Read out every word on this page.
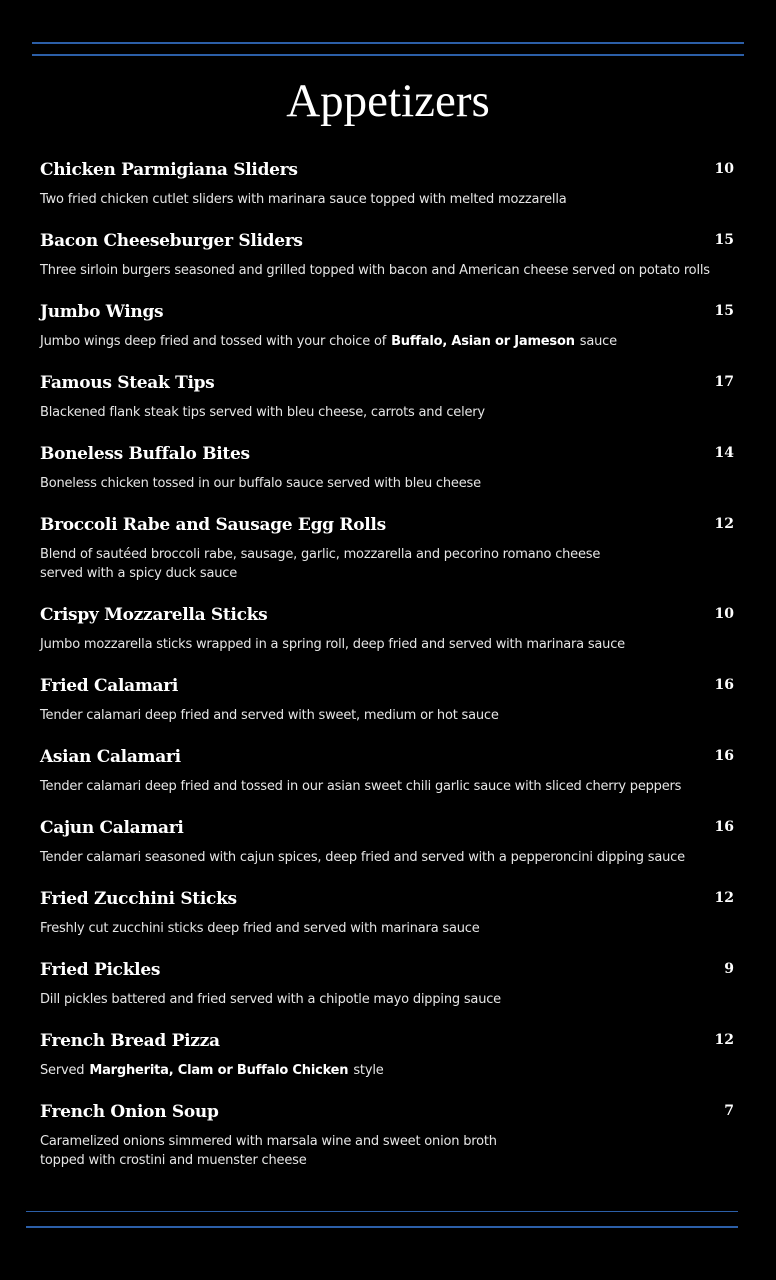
Appetizers
Chicken Parmigiana Sliders	10
Two fried chicken cutlet sliders with marinara sauce topped with melted mozzarella
Bacon Cheeseburger Sliders	15
Three sirloin burgers seasoned and grilled topped with bacon and American cheese served on potato rolls
Jumbo Wings	15
Jumbo wings deep fried and tossed with your choice of Buffalo, Asian or Jameson sauce
Famous Steak Tips	17
Blackened flank steak tips served with bleu cheese, carrots and celery
Boneless Buffalo Bites	14
Boneless chicken tossed in our buffalo sauce served with bleu cheese
Broccoli Rabe and Sausage Egg Rolls	12
Blend of sautéed broccoli rabe, sausage, garlic, mozzarella and pecorino romano cheese
served with a spicy duck sauce
Crispy Mozzarella Sticks	10
Jumbo mozzarella sticks wrapped in a spring roll, deep fried and served with marinara sauce
Fried Calamari	16
Tender calamari deep fried and served with sweet, medium or hot sauce
Asian Calamari	16
Tender calamari deep fried and tossed in our asian sweet chili garlic sauce with sliced cherry peppers
Cajun Calamari	16
Tender calamari seasoned with cajun spices, deep fried and served with a pepperoncini dipping sauce
Fried Zucchini Sticks	12
Freshly cut zucchini sticks deep fried and served with marinara sauce
Fried Pickles	9
Dill pickles battered and fried served with a chipotle mayo dipping sauce
French Bread Pizza	12
Served Margherita, Clam or Buffalo Chicken style
French Onion Soup	7
Caramelized onions simmered with marsala wine and sweet onion broth
topped with crostini and muenster cheese
